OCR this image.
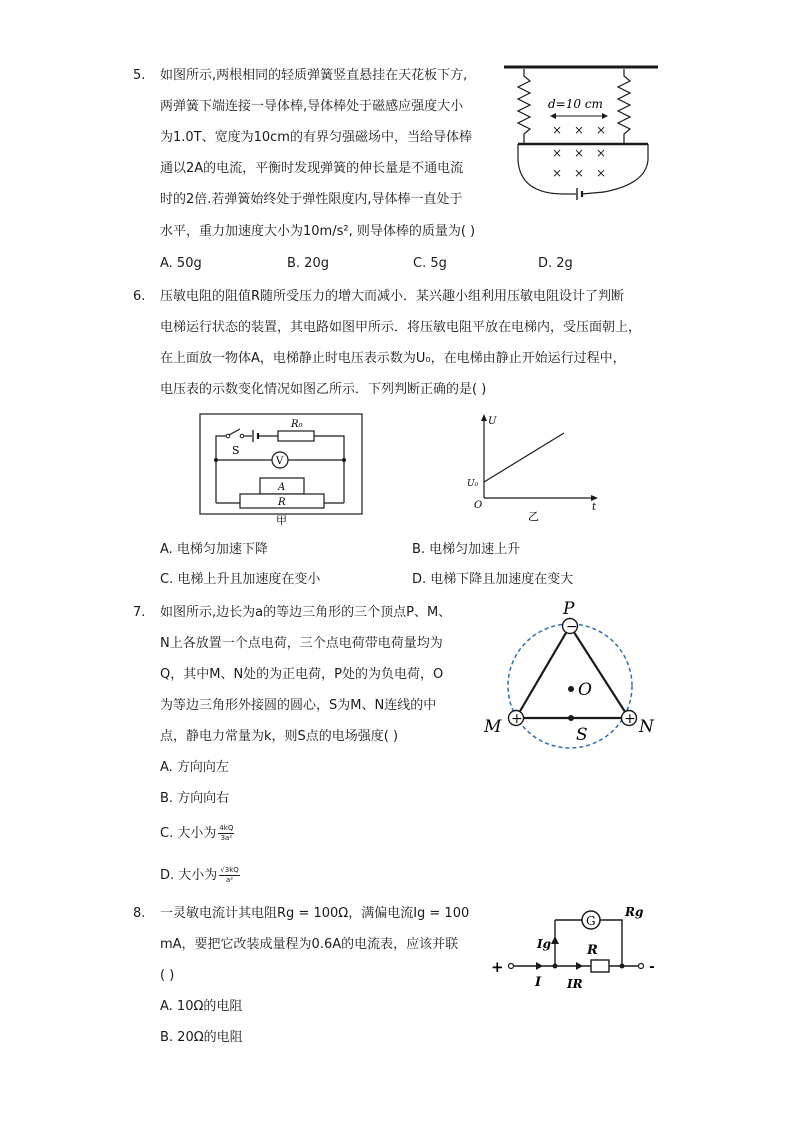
5. 如图所示,两根相同的轻质弹簧竖直悬挂在天花板下方,
两弹簧下端连接一导体棒,导体棒处于磁感应强度大小
为1.0T、宽度为10cm的有界匀强磁场中，当给导体棒
通以2A的电流，平衡时发现弹簧的伸长量是不通电流
时的2倍.若弹簧始终处于弹性限度内,导体棒一直处于
水平，重力加速度大小为10m/s², 则导体棒的质量为( )
A. 50g	B. 20g	C. 5g	D. 2g
d=10 cm
× × ×
× × ×
× × ×
6. 压敏电阻的阻值R随所受压力的增大而减小．某兴趣小组利用压敏电阻设计了判断
电梯运行状态的装置，其电路如图甲所示．将压敏电阻平放在电梯内，受压面朝上，
在上面放一物体A，电梯静止时电压表示数为U₀，在电梯由静止开始运行过程中，
电压表的示数变化情况如图乙所示．下列判断正确的是( )
S
R₀
V
A
R
甲
U
t
O
U₀
乙
A. 电梯匀加速下降	B. 电梯匀加速上升
C. 电梯上升且加速度在变小	D. 电梯下降且加速度在变大
7. 如图所示,边长为a的等边三角形的三个顶点P、M、
N上各放置一个点电荷，三个点电荷带电荷量均为
Q，其中M、N处的为正电荷，P处的为负电荷，O
为等边三角形外接圆的圆心，S为M、N连线的中
点，静电力常量为k，则S点的电场强度( )
A. 方向向左
B. 方向向右
C. 大小为 $\frac{4kQ}{\text{3a²}}$
D. 大小为 $\frac{√3kQ}{\text{a²}}$
−
+	+
P
M	N
O
S
8. 一灵敏电流计其电阻Rg = 100Ω，满偏电流Ig = 100
mA，要把它改装成量程为0.6A的电流表，应该并联
( )
A. 10Ω的电阻
B. 20Ω的电阻
+
G
-
Rg
Ig	R
I IR
